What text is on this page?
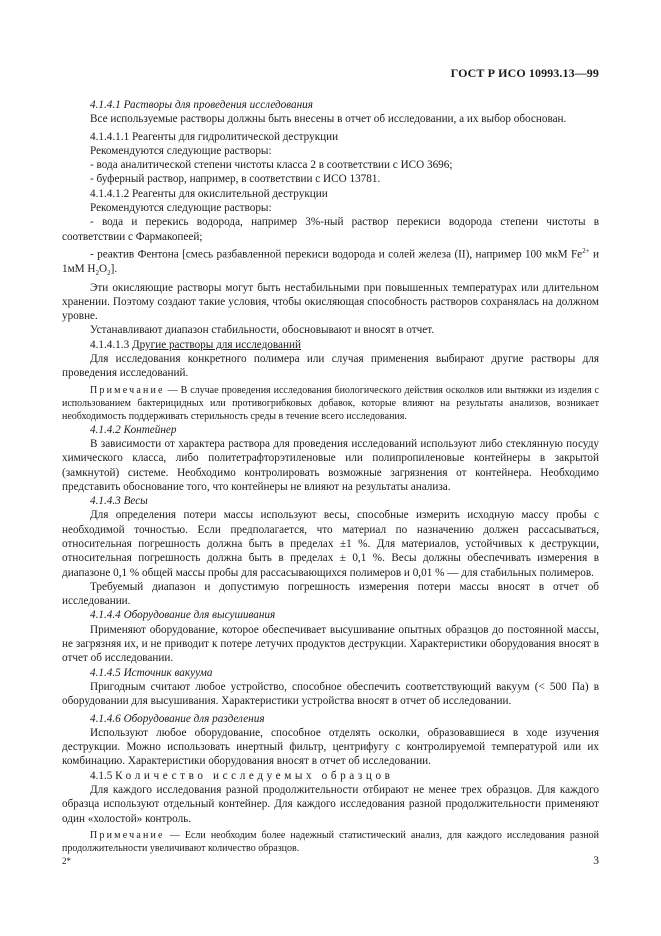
ГОСТ Р ИСО 10993.13—99

4.1.4.1 Растворы для проведения исследования

Все используемые растворы должны быть внесены в отчет об исследовании, а их выбор обоснован.

4.1.4.1.1 Реагенты для гидролитической деструкции

Рекомендуются следующие растворы:

- вода аналитической степени чистоты класса 2 в соответствии с ИСО 3696;

- буферный раствор, например, в соответствии с ИСО 13781.

4.1.4.1.2 Реагенты для окислительной деструкции

Рекомендуются следующие растворы:

- вода и перекись водорода, например 3%-ный раствор перекиси водорода степени чистоты в соответствии с Фармакопеей;

- реактив Фентона [смесь разбавленной перекиси водорода и солей железа (II), например 100 мкМ $Fe^{2+}$ и 1мМ $H_2O_2$].

Эти окисляющие растворы могут быть нестабильными при повышенных температурах или длительном хранении. Поэтому создают такие условия, чтобы окисляющая способность растворов сохранялась на должном уровне.

Устанавливают диапазон стабильности, обосновывают и вносят в отчет.

4.1.4.1.3 Другие растворы для исследований

Для исследования конкретного полимера или случая применения выбирают другие растворы для проведения исследований.

Примечание — В случае проведения исследования биологического действия осколков или вытяжки из изделия с использованием бактерицидных или противогрибковых добавок, которые влияют на результаты анализов, возникает необходимость поддерживать стерильность среды в течение всего исследования.

4.1.4.2 Контейнер

В зависимости от характера раствора для проведения исследований используют либо стеклянную посуду химического класса, либо политетрафторэтиленовые или полипропиленовые контейнеры в закрытой (замкнутой) системе. Необходимо контролировать возможные загрязнения от контейнера. Необходимо представить обоснование того, что контейнеры не влияют на результаты анализа.

4.1.4.3 Весы

Для определения потери массы используют весы, способные измерить исходную массу пробы с необходимой точностью. Если предполагается, что материал по назначению должен рассасываться, относительная погрешность должна быть в пределах ±1 %. Для материалов, устойчивых к деструкции, относительная погрешность должна быть в пределах ± 0,1 %. Весы должны обеспечивать измерения в диапазоне 0,1 % общей массы пробы для рассасывающихся полимеров и 0,01 % — для стабильных полимеров.

Требуемый диапазон и допустимую погрешность измерения потери массы вносят в отчет об исследовании.

4.1.4.4 Оборудование для высушивания

Применяют оборудование, которое обеспечивает высушивание опытных образцов до постоянной массы, не загрязняя их, и не приводит к потере летучих продуктов деструкции. Характеристики оборудования вносят в отчет об исследовании.

4.1.4.5 Источник вакуума

Пригодным считают любое устройство, способное обеспечить соответствующий вакуум (< 500 Па) в оборудовании для высушивания. Характеристики устройства вносят в отчет об исследовании.

4.1.4.6 Оборудование для разделения

Используют любое оборудование, способное отделять осколки, образовавшиеся в ходе изучения деструкции. Можно использовать инертный фильтр, центрифугу с контролируемой температурой или их комбинацию. Характеристики оборудования вносят в отчет об исследовании.

4.1.5 Количество исследуемых образцов

Для каждого исследования разной продолжительности отбирают не менее трех образцов. Для каждого образца используют отдельный контейнер. Для каждого исследования разной продолжительности применяют один «холостой» контроль.

Примечание — Если необходим более надежный статистический анализ, для каждого исследования разной продолжительности увеличивают количество образцов.

2*	3
